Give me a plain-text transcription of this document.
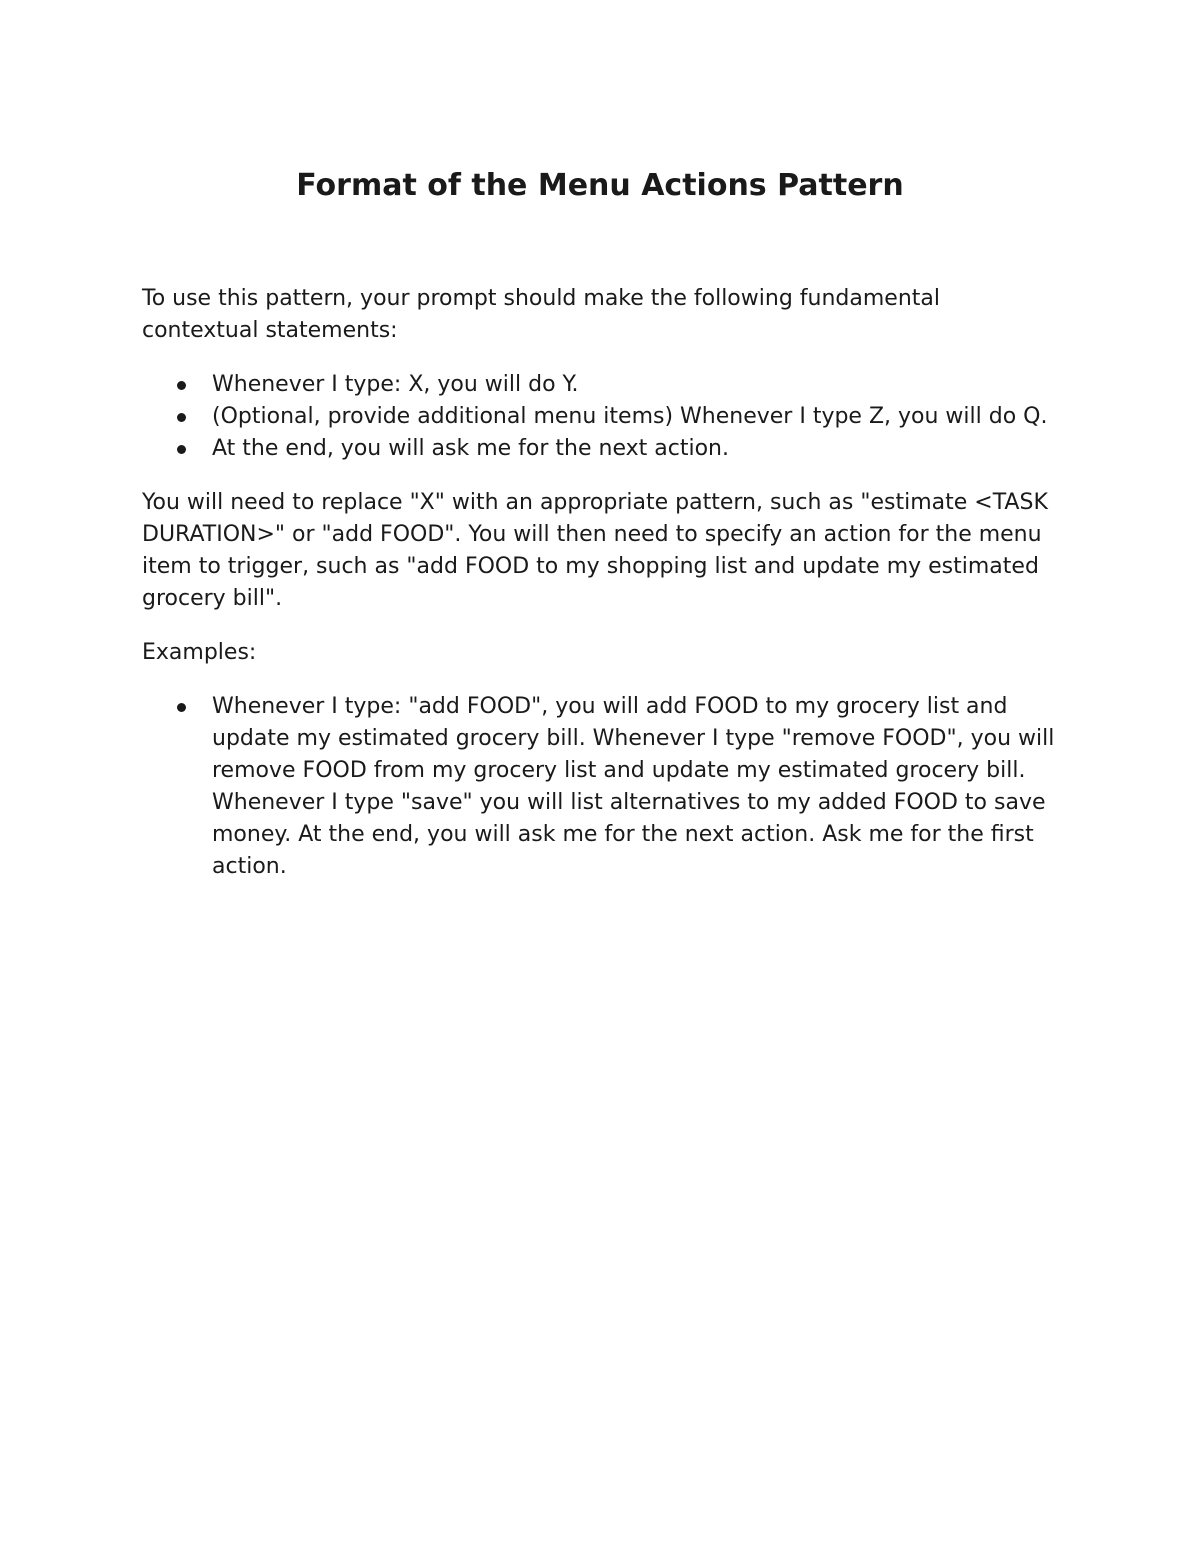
Format of the Menu Actions Pattern

To use this pattern, your prompt should make the following fundamental contextual statements:

Whenever I type: X, you will do Y.
(Optional, provide additional menu items) Whenever I type Z, you will do Q.
At the end, you will ask me for the next action.

You will need to replace "X" with an appropriate pattern, such as "estimate <TASK DURATION>" or "add FOOD". You will then need to specify an action for the menu item to trigger, such as "add FOOD to my shopping list and update my estimated grocery bill".

Examples:

Whenever I type: "add FOOD", you will add FOOD to my grocery list and update my estimated grocery bill. Whenever I type "remove FOOD", you will remove FOOD from my grocery list and update my estimated grocery bill. Whenever I type "save" you will list alternatives to my added FOOD to save money. At the end, you will ask me for the next action. Ask me for the first action.
